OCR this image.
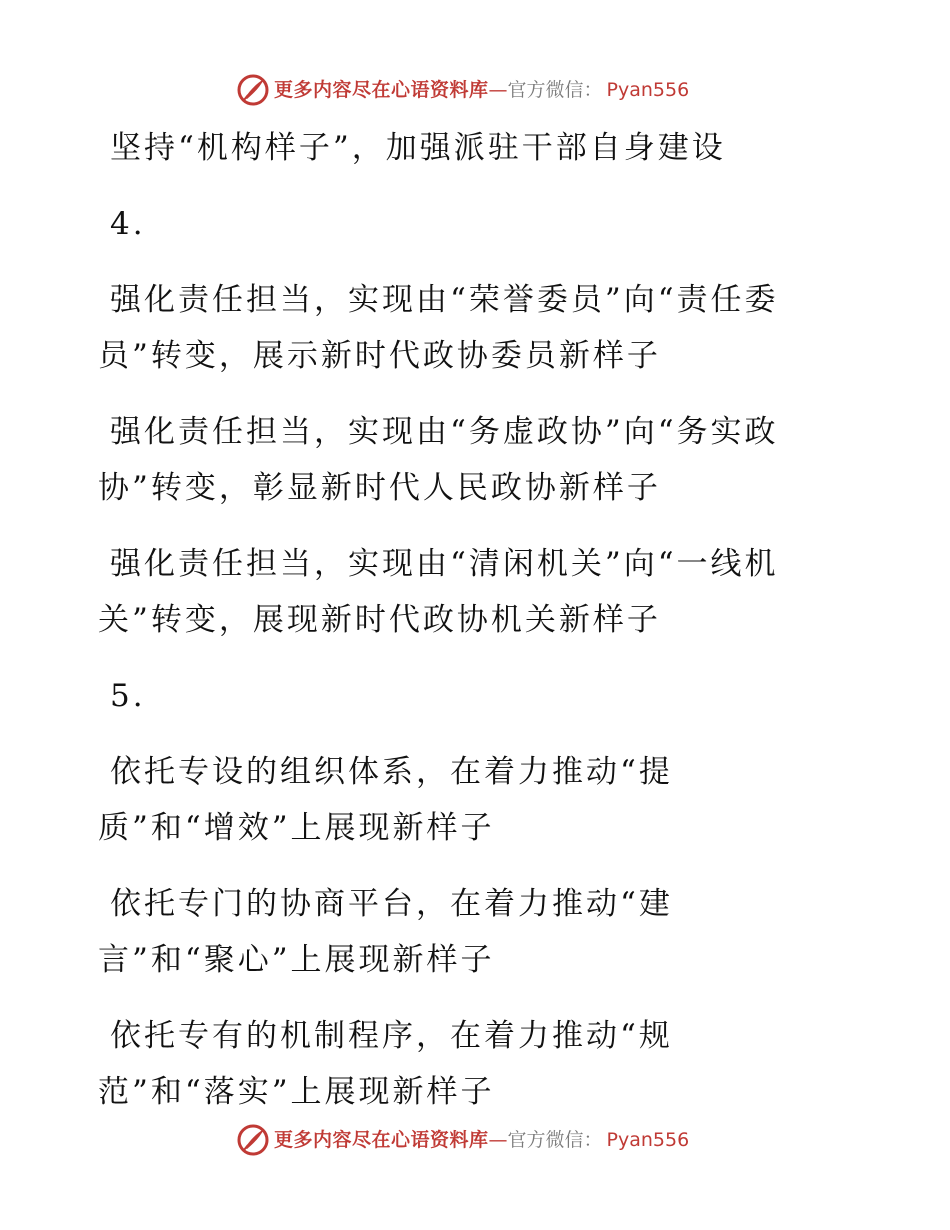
更多内容尽在心语资料库 — 官方微信： Pyan556
坚持“机构样子”，加强派驻干部自身建设
4.
强化责任担当，实现由“荣誉委员”向“责任委
员”转变，展示新时代政协委员新样子
强化责任担当，实现由“务虚政协”向“务实政
协”转变，彰显新时代人民政协新样子
强化责任担当，实现由“清闲机关”向“一线机
关”转变，展现新时代政协机关新样子
5.
依托专设的组织体系，在着力推动“提
质”和“增效”上展现新样子
依托专门的协商平台，在着力推动“建
言”和“聚心”上展现新样子
依托专有的机制程序，在着力推动“规
范”和“落实”上展现新样子
更多内容尽在心语资料库 — 官方微信： Pyan556
